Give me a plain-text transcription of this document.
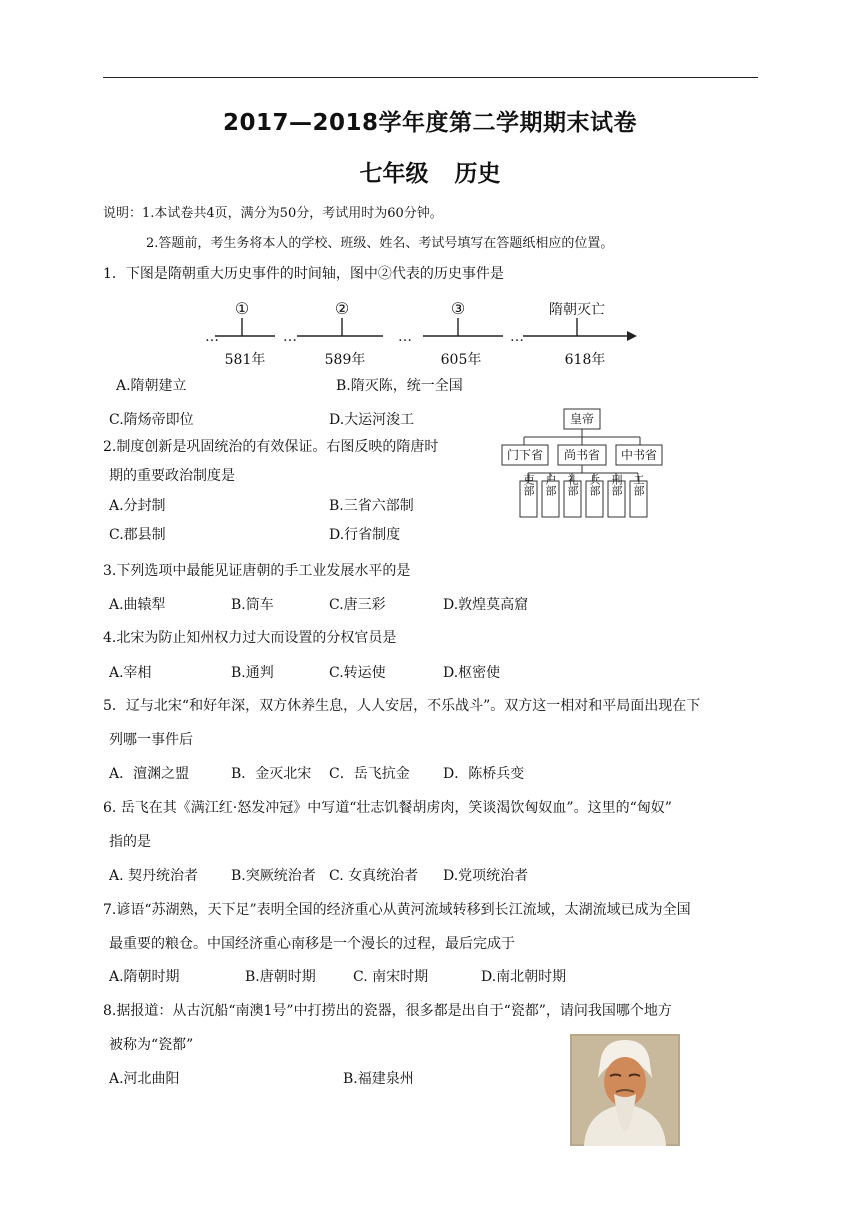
2017—2018学年度第二学期期末试卷
七年级 历史
说明：1.本试卷共4页，满分为50分，考试用时为60分钟。
2.答题前，考生务将本人的学校、班级、姓名、考试号填写在答题纸相应的位置。
1．下图是隋朝重大历史事件的时间轴，图中②代表的历史事件是
…	…	…	…
①	②	③	隋朝灭亡
581年	589年	605年	618年
A.隋朝建立	B.隋灭陈，统一全国
C.隋炀帝即位	D.大运河浚工
2.制度创新是巩固统治的有效保证。右图反映的隋唐时
期的重要政治制度是
A.分封制	B.三省六部制
C.郡县制	D.行省制度
皇帝
门下省 尚书省 中书省
吏部 户部 礼部 兵部 刑部 工部
3.下列选项中最能见证唐朝的手工业发展水平的是
A.曲辕犁	B.筒车	C.唐三彩	D.敦煌莫高窟
4.北宋为防止知州权力过大而设置的分权官员是
A.宰相	B.通判	C.转运使	D.枢密使
5．辽与北宋“和好年深，双方休养生息，人人安居，不乐战斗”。双方这一相对和平局面出现在下
列哪一事件后
A．澶渊之盟	B．金灭北宋 C．岳飞抗金 D．陈桥兵变
6. 岳飞在其《满江红·怒发冲冠》中写道“壮志饥餐胡虏肉，笑谈渴饮匈奴血”。这里的“匈奴”
指的是
A. 契丹统治者 B.突厥统治者 C. 女真统治者 D.党项统治者
7.谚语“苏湖熟，天下足”表明全国的经济重心从黄河流域转移到长江流域，太湖流域已成为全国
最重要的粮仓。中国经济重心南移是一个漫长的过程，最后完成于
A.隋朝时期	B.唐朝时期	C. 南宋时期	D.南北朝时期
8.据报道：从古沉船“南澳1号”中打捞出的瓷器，很多都是出自于“瓷都”，请问我国哪个地方
被称为“瓷都”
A.河北曲阳	B.福建泉州
